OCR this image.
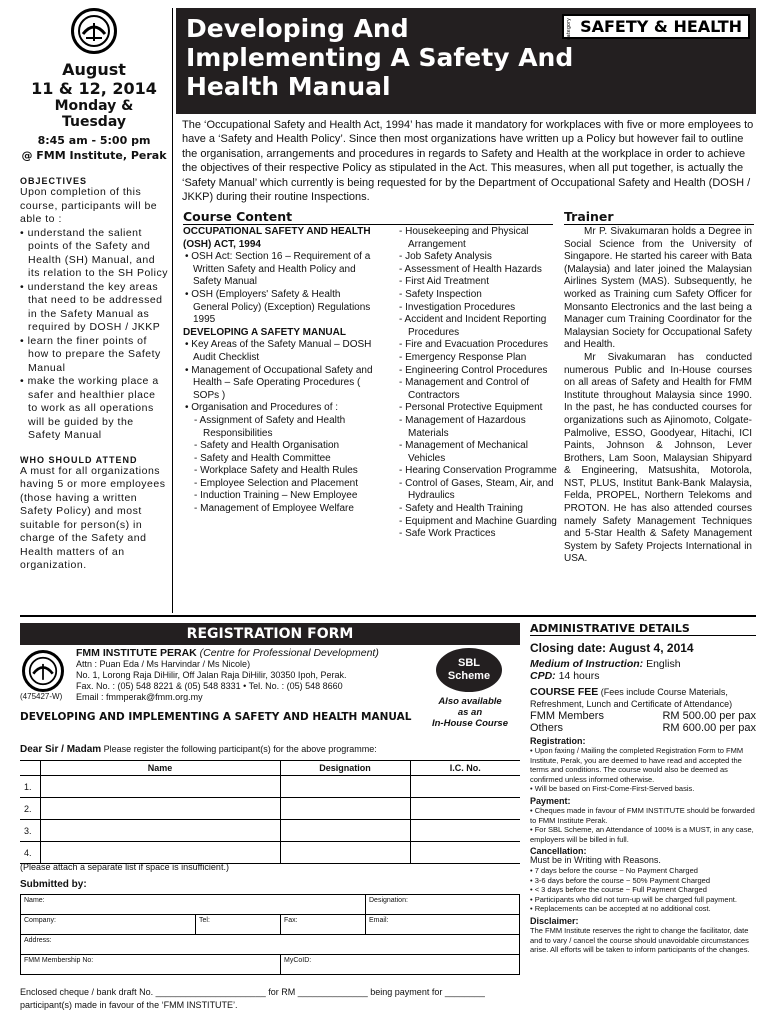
August
11 & 12, 2014
Monday &
Tuesday
8:45 am - 5:00 pm
@ FMM Institute, Perak
OBJECTIVES
Upon completion of this course, participants will be able to :
• understand the salient points of the Safety and Health (SH) Manual, and its relation to the SH Policy
• understand the key areas that need to be addressed in the Safety Manual as required by DOSH / JKKP
• learn the finer points of how to prepare the Safety Manual
• make the working place a safer and healthier place to work as all operations will be guided by the Safety Manual
WHO SHOULD ATTEND
A must for all organizations having 5 or more employees (those having a written Safety Policy) and most suitable for person(s) in charge of the Safety and Health matters of an organization.
Developing And Implementing A Safety And Health Manual
category SAFETY & HEALTH
The ‘Occupational Safety and Health Act, 1994’ has made it mandatory for workplaces with five or more employees to have a ‘Safety and Health Policy’. Since then most organizations have written up a Policy but however fail to outline the organisation, arrangements and procedures in regards to Safety and Health at the workplace in order to achieve the objectives of their respective Policy as stipulated in the Act. This measures, when all put together, is actually the ‘Safety Manual’ which currently is being requested for by the Department of Occupational Safety and Health (DOSH / JKKP) during their routine Inspections.
Course Content	Trainer
OCCUPATIONAL SAFETY AND HEALTH (OSH) ACT, 1994
• OSH Act: Section 16 – Requirement of a Written Safety and Health Policy and Safety Manual
• OSH (Employers' Safety & Health General Policy) (Exception) Regulations 1995
DEVELOPING A SAFETY MANUAL
• Key Areas of the Safety Manual – DOSH Audit Checklist
• Management of Occupational Safety and Health – Safe Operating Procedures ( SOPs )
• Organisation and Procedures of :
- Assignment of Safety and Health Responsibilities
- Safety and Health Organisation
- Safety and Health Committee
- Workplace Safety and Health Rules
- Employee Selection and Placement
- Induction Training – New Employee
- Management of Employee Welfare
- Housekeeping and Physical Arrangement
- Job Safety Analysis
- Assessment of Health Hazards
- First Aid Treatment
- Safety Inspection
- Investigation Procedures
- Accident and Incident Reporting Procedures
- Fire and Evacuation Procedures
- Emergency Response Plan
- Engineering Control Procedures
- Management and Control of Contractors
- Personal Protective Equipment
- Management of Hazardous Materials
- Management of Mechanical Vehicles
- Hearing Conservation Programme
- Control of Gases, Steam, Air, and Hydraulics
- Safety and Health Training
- Equipment and Machine Guarding
- Safe Work Practices
Mr P. Sivakumaran holds a Degree in Social Science from the University of Singapore. He started his career with Bata (Malaysia) and later joined the Malaysian Airlines System (MAS). Subsequently, he worked as Training cum Safety Officer for Monsanto Electronics and the last being a Manager cum Training Coordinator for the Malaysian Society for Occupational Safety and Health.
Mr Sivakumaran has conducted numerous Public and In-House courses on all areas of Safety and Health for FMM Institute throughout Malaysia since 1990. In the past, he has conducted courses for organizations such as Ajinomoto, Colgate-Palmolive, ESSO, Goodyear, Hitachi, ICI Paints, Johnson & Johnson, Lever Brothers, Lam Soon, Malaysian Shipyard & Engineering, Matsushita, Motorola, NST, PLUS, Institut Bank-Bank Malaysia, Felda, PROPEL, Northern Telekoms and PROTON. He has also attended courses namely Safety Management Techniques and 5-Star Health & Safety Management System by Safety Projects International in USA.
REGISTRATION FORM
(475427-W)
FMM INSTITUTE PERAK (Centre for Professional Development)
Attn : Puan Eda / Ms Harvindar / Ms Nicole)
No. 1, Lorong Raja DiHilir, Off Jalan Raja DiHilir, 30350 Ipoh, Perak.
Fax. No. : (05) 548 8221 & (05) 548 8331 • Tel. No. : (05) 548 8660
Email : fmmperak@fmm.org.my
SBL
Scheme
Also available
as an
In-House Course
DEVELOPING AND IMPLEMENTING A SAFETY AND HEALTH MANUAL
Dear Sir / Madam Please register the following participant(s) for the above programme:
	Name	Designation	I.C. No.
1.			
2.			
3.			
4.			
(Please attach a separate list if space is insufficient.)
Submitted by:
Name:			Designation:
Company:	Tel:	Fax:	Email:
Address:			
FMM Membership No:		MyCoID:	
Enclosed cheque / bank draft No. ______________________ for RM ______________ being payment for ________
participant(s) made in favour of the ‘FMM INSTITUTE’.
ADMINISTRATIVE DETAILS
Closing date: August 4, 2014
Medium of Instruction: English
CPD: 14 hours
COURSE FEE (Fees include Course Materials, Refreshment, Lunch and Certificate of Attendance)
FMM Members	RM 500.00 per pax
Others	RM 600.00 per pax
Registration:
• Upon faxing / Mailing the completed Registration Form to FMM Institute, Perak, you are deemed to have read and accepted the terms and conditions. The course would also be deemed as confirmed unless informed otherwise.
• Will be based on First-Come-First-Served basis.
Payment:
• Cheques made in favour of FMM INSTITUTE should be forwarded to FMM Institute Perak.
• For SBL Scheme, an Attendance of 100% is a MUST, in any case, employers will be billed in full.
Cancellation:
Must be in Writing with Reasons.
• 7 days before the course ~ No Payment Charged
• 3-6 days before the course ~ 50% Payment Charged
• < 3 days before the course ~ Full Payment Charged
• Participants who did not turn-up will be charged full payment.
• Replacements can be accepted at no additional cost.
Disclaimer:
The FMM Institute reserves the right to change the facilitator, date and to vary / cancel the course should unavoidable circumstances arise. All efforts will be taken to inform participants of the changes.
